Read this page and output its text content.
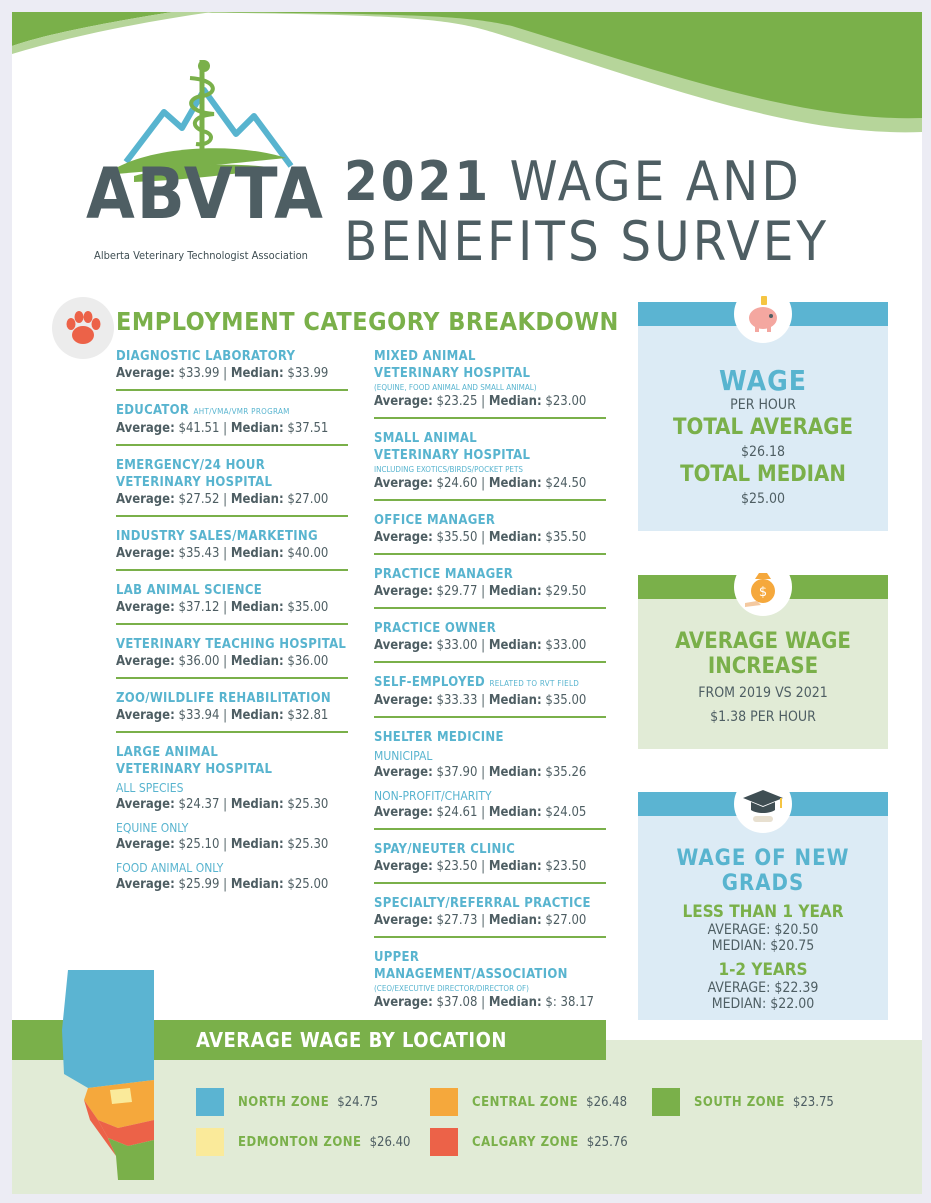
ABVTA
Alberta Veterinary Technologist Association
2021 WAGE AND
BENEFITS SURVEY
EMPLOYMENT CATEGORY BREAKDOWN
DIAGNOSTIC LABORATORY
Average: $33.99 | Median: $33.99
EDUCATOR AHT/VMA/VMR PROGRAM
Average: $41.51 | Median: $37.51
EMERGENCY/24 HOUR
VETERINARY HOSPITAL
Average: $27.52 | Median: $27.00
INDUSTRY SALES/MARKETING
Average: $35.43 | Median: $40.00
LAB ANIMAL SCIENCE
Average: $37.12 | Median: $35.00
VETERINARY TEACHING HOSPITAL
Average: $36.00 | Median: $36.00
ZOO/WILDLIFE REHABILITATION
Average: $33.94 | Median: $32.81
LARGE ANIMAL
VETERINARY HOSPITAL
ALL SPECIES
Average: $24.37 | Median: $25.30
EQUINE ONLY
Average: $25.10 | Median: $25.30
FOOD ANIMAL ONLY
Average: $25.99 | Median: $25.00
MIXED ANIMAL
VETERINARY HOSPITAL
(EQUINE, FOOD ANIMAL AND SMALL ANIMAL)
Average: $23.25 | Median: $23.00
SMALL ANIMAL
VETERINARY HOSPITAL
INCLUDING EXOTICS/BIRDS/POCKET PETS
Average: $24.60 | Median: $24.50
OFFICE MANAGER
Average: $35.50 | Median: $35.50
PRACTICE MANAGER
Average: $29.77 | Median: $29.50
PRACTICE OWNER
Average: $33.00 | Median: $33.00
SELF-EMPLOYED RELATED TO RVT FIELD
Average: $33.33 | Median: $35.00
SHELTER MEDICINE
MUNICIPAL
Average: $37.90 | Median: $35.26
NON-PROFIT/CHARITY
Average: $24.61 | Median: $24.05
SPAY/NEUTER CLINIC
Average: $23.50 | Median: $23.50
SPECIALTY/REFERRAL PRACTICE
Average: $27.73 | Median: $27.00
UPPER MANAGEMENT/ASSOCIATION
(CEO/EXECUTIVE DIRECTOR/DIRECTOR OF)
Average: $37.08 | Median: $: 38.17
WAGE
PER HOUR
TOTAL AVERAGE
$26.18
TOTAL MEDIAN
$25.00
$
AVERAGE WAGE
INCREASE
FROM 2019 VS 2021
$1.38 PER HOUR
WAGE OF NEW GRADS
LESS THAN 1 YEAR
AVERAGE: $20.50
MEDIAN: $20.75
1-2 YEARS
AVERAGE: $22.39
MEDIAN: $22.00
AVERAGE WAGE BY LOCATION
NORTH ZONE $24.75	CENTRAL ZONE $26.48	SOUTH ZONE $23.75
EDMONTON ZONE $26.40	CALGARY ZONE $25.76
